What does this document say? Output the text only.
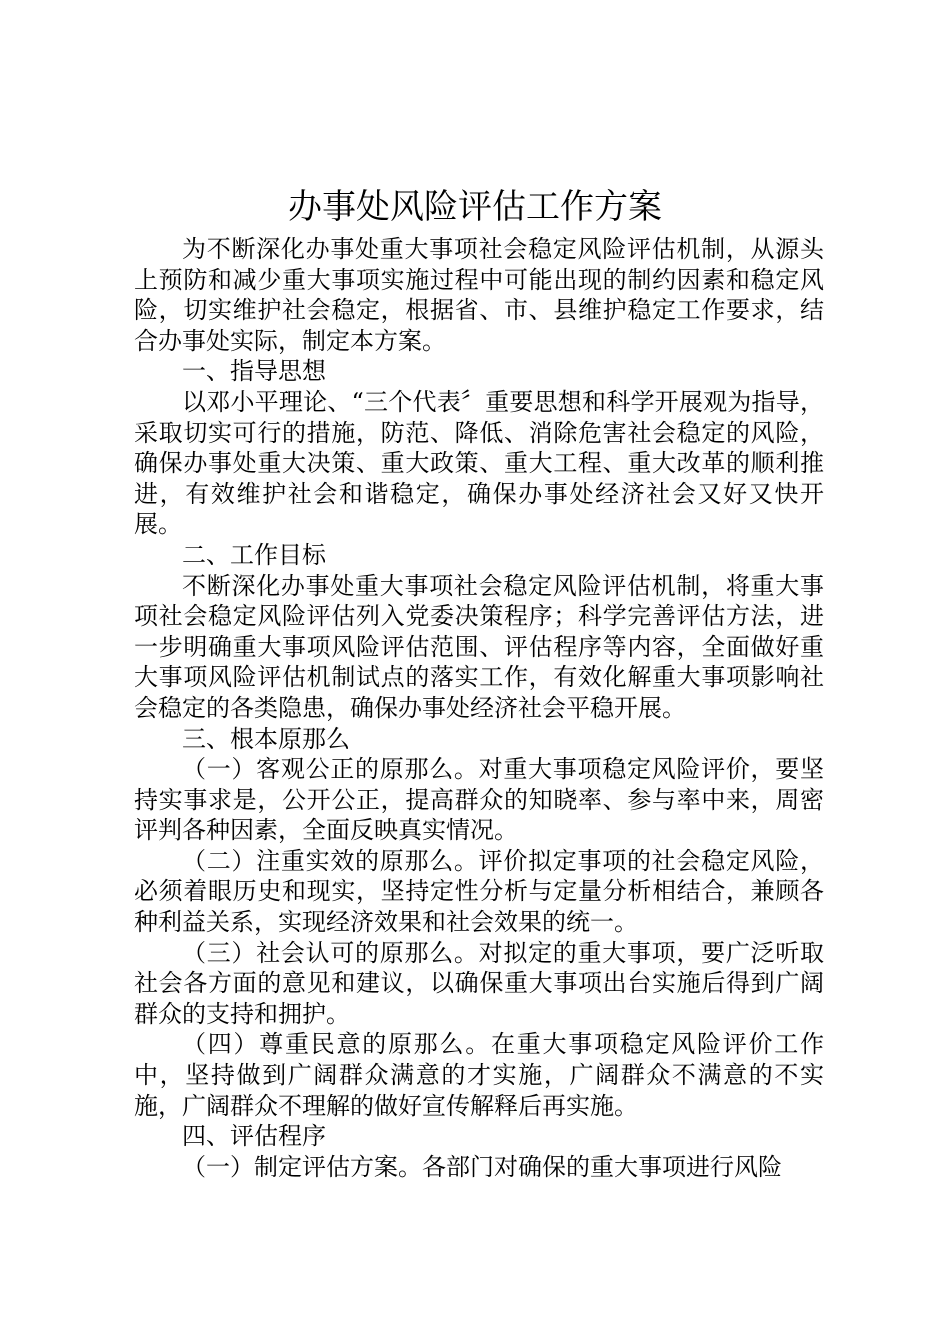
办事处风险评估工作方案

为不断深化办事处重大事项社会稳定风险评估机制，从源头上预防和减少重大事项实施过程中可能出现的制约因素和稳定风险，切实维护社会稳定，根据省、市、县维护稳定工作要求，结合办事处实际，制定本方案。

一、指导思想

以邓小平理论、“三个代表〞重要思想和科学开展观为指导，采取切实可行的措施，防范、降低、消除危害社会稳定的风险，确保办事处重大决策、重大政策、重大工程、重大改革的顺利推进，有效维护社会和谐稳定，确保办事处经济社会又好又快开展。

二、工作目标

不断深化办事处重大事项社会稳定风险评估机制，将重大事项社会稳定风险评估列入党委决策程序；科学完善评估方法，进一步明确重大事项风险评估范围、评估程序等内容，全面做好重大事项风险评估机制试点的落实工作，有效化解重大事项影响社会稳定的各类隐患，确保办事处经济社会平稳开展。

三、根本原那么

（一）客观公正的原那么。对重大事项稳定风险评价，要坚持实事求是，公开公正，提高群众的知晓率、参与率中来，周密评判各种因素，全面反映真实情况。

（二）注重实效的原那么。评价拟定事项的社会稳定风险，必须着眼历史和现实，坚持定性分析与定量分析相结合，兼顾各种利益关系，实现经济效果和社会效果的统一。

（三）社会认可的原那么。对拟定的重大事项，要广泛听取社会各方面的意见和建议，以确保重大事项出台实施后得到广阔群众的支持和拥护。

（四）尊重民意的原那么。在重大事项稳定风险评价工作中，坚持做到广阔群众满意的才实施，广阔群众不满意的不实施，广阔群众不理解的做好宣传解释后再实施。

四、评估程序

（一）制定评估方案。各部门对确保的重大事项进行风险
